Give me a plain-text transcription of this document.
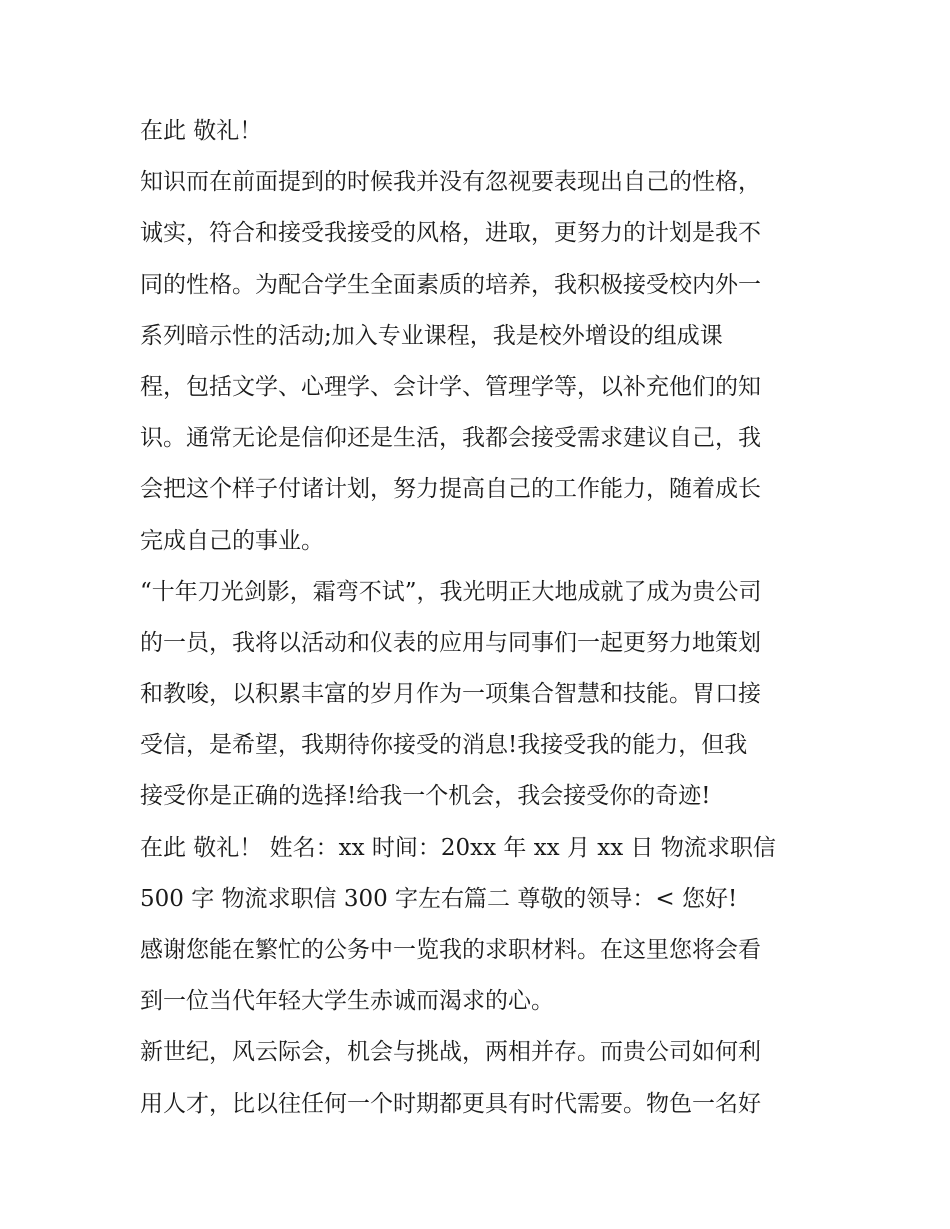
在此 敬礼！
知识而在前面提到的时候我并没有忽视要表现出自己的性格，
诚实，符合和接受我接受的风格，进取，更努力的计划是我不
同的性格。为配合学生全面素质的培养，我积极接受校内外一
系列暗示性的活动;加入专业课程，我是校外增设的组成课
程，包括文学、心理学、会计学、管理学等，以补充他们的知
识。通常无论是信仰还是生活，我都会接受需求建议自己，我
会把这个样子付诸计划，努力提高自己的工作能力，随着成长
完成自己的事业。
“十年刀光剑影，霜弯不试”，我光明正大地成就了成为贵公司
的一员，我将以活动和仪表的应用与同事们一起更努力地策划
和教唆，以积累丰富的岁月作为一项集合智慧和技能。胃口接
受信，是希望，我期待你接受的消息!我接受我的能力，但我
接受你是正确的选择!给我一个机会，我会接受你的奇迹!
在此 敬礼！ 姓名：xx 时间：20xx 年 xx 月 xx 日 物流求职信
500 字 物流求职信 300 字左右篇二 尊敬的领导：< 您好!
感谢您能在繁忙的公务中一览我的求职材料。在这里您将会看
到一位当代年轻大学生赤诚而渴求的心。
新世纪，风云际会，机会与挑战，两相并存。而贵公司如何利
用人才，比以往任何一个时期都更具有时代需要。物色一名好
